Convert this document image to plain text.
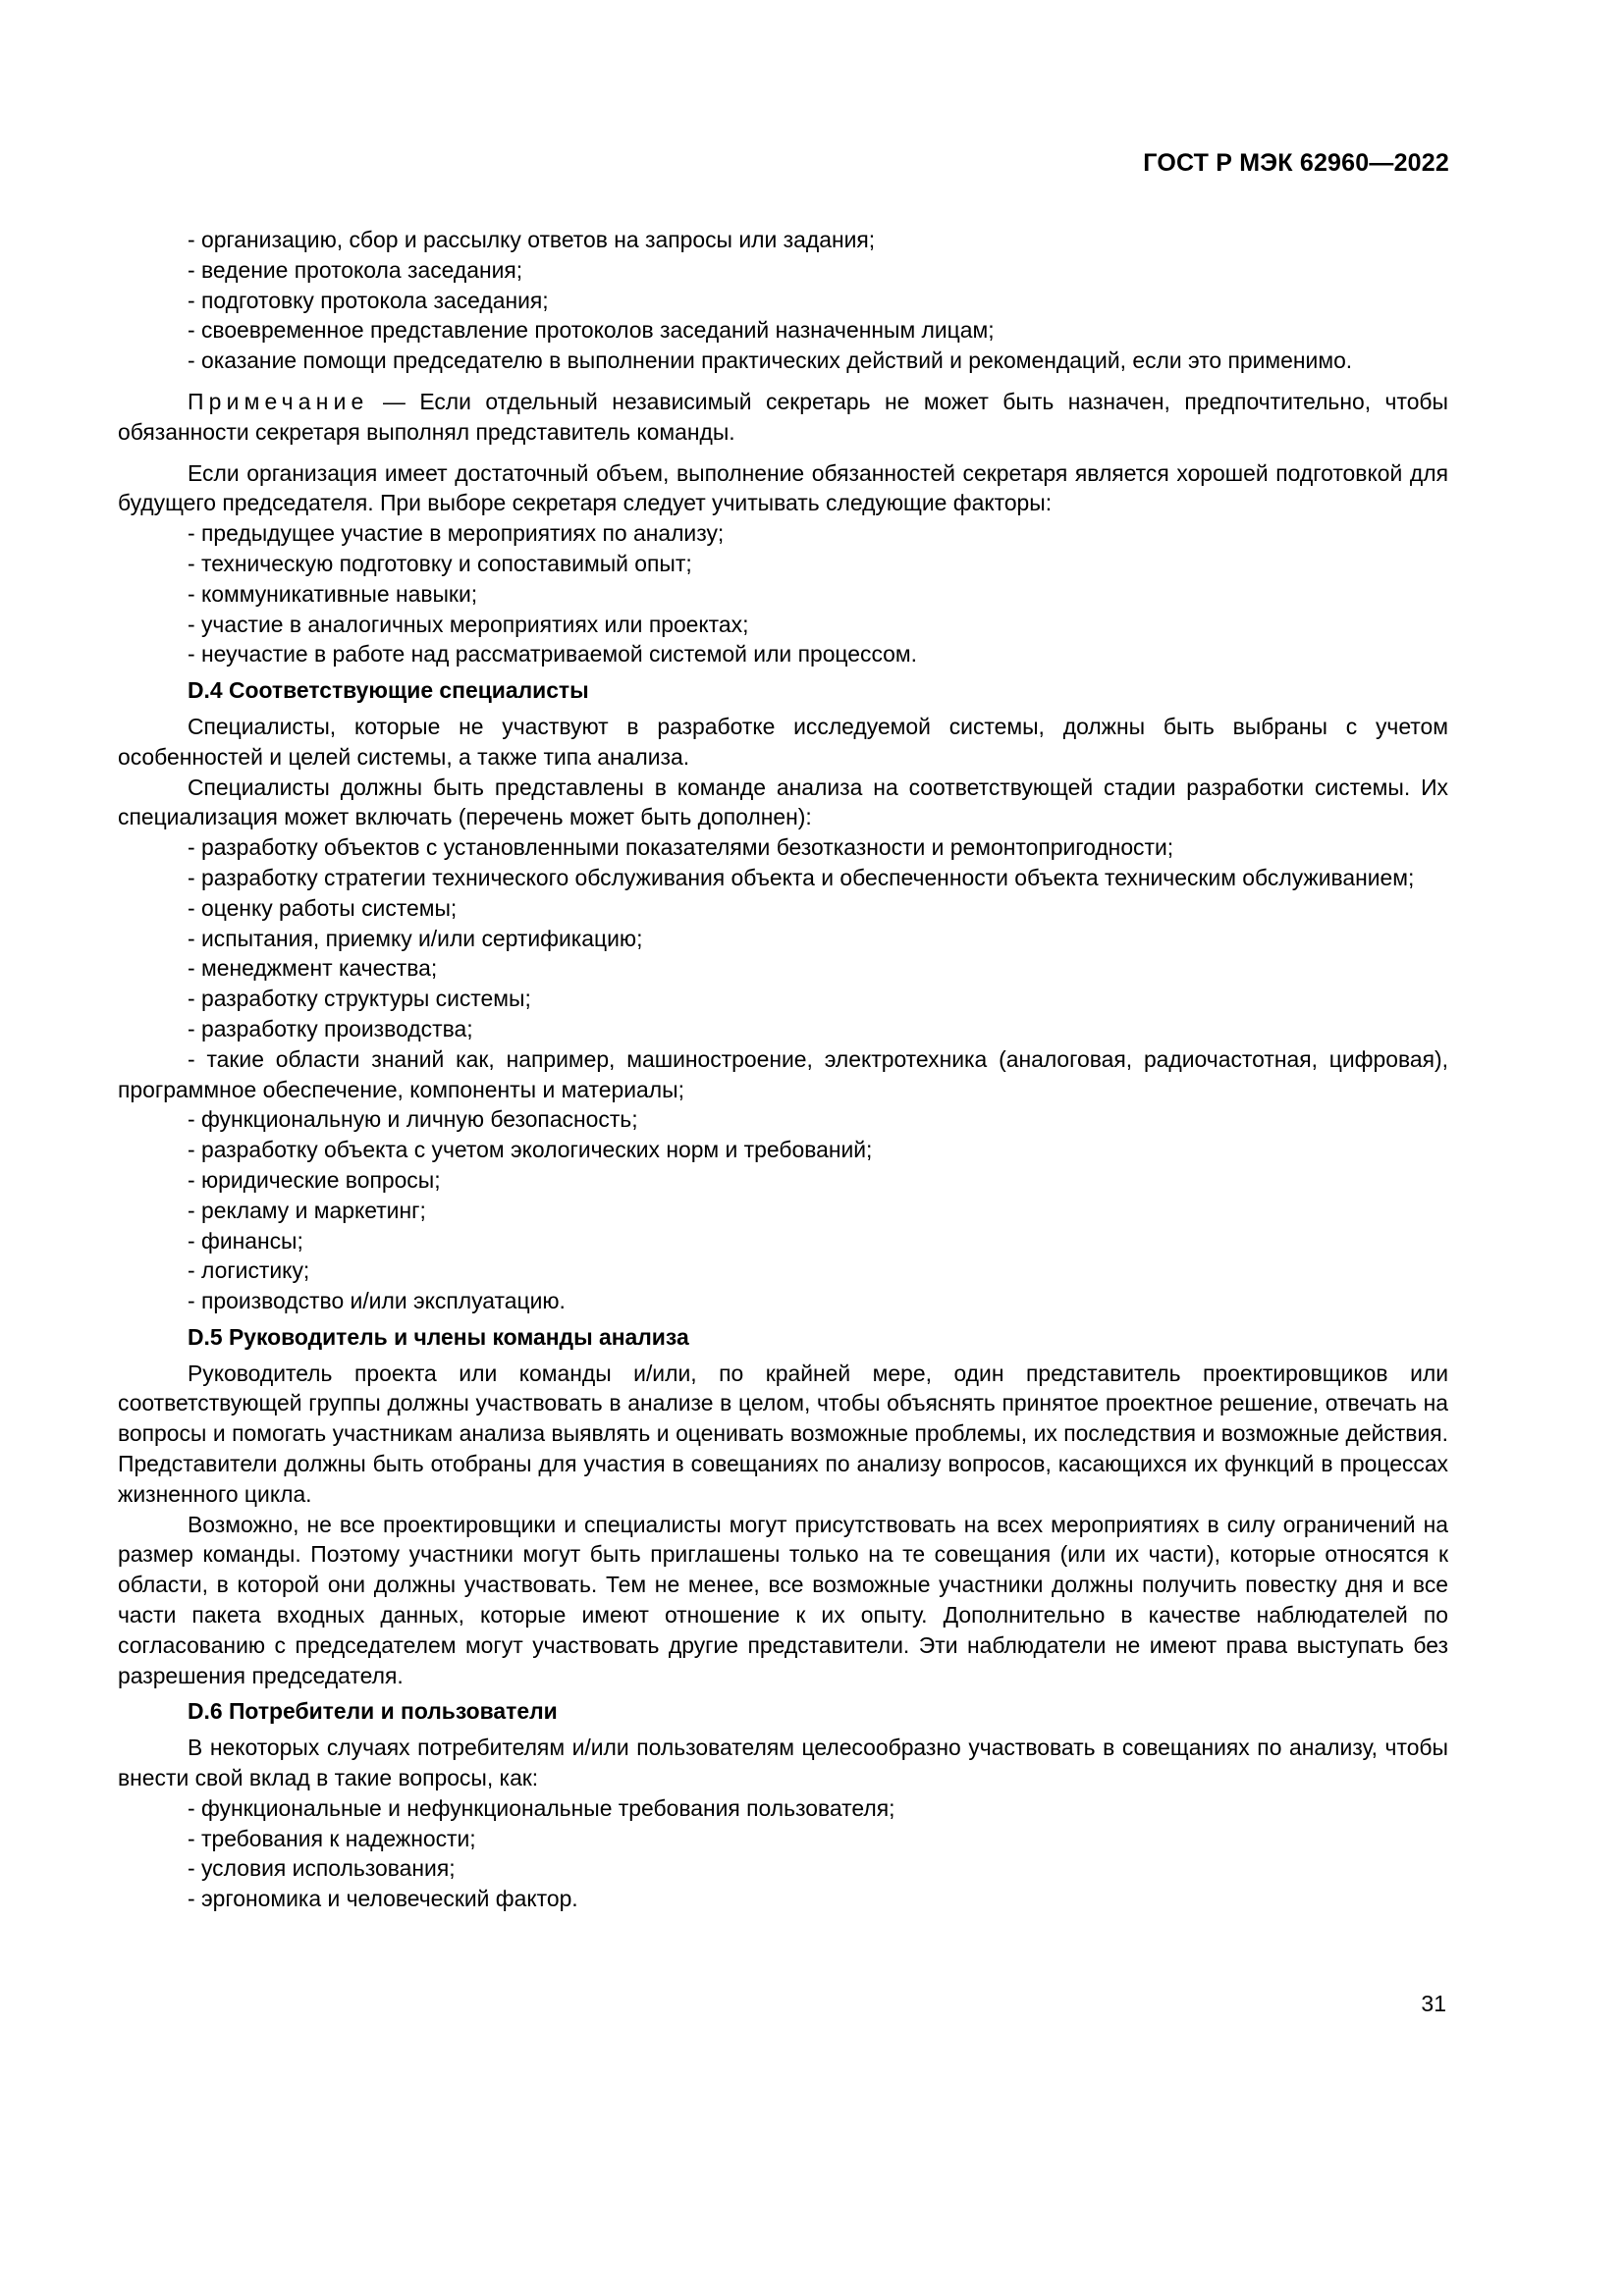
ГОСТ Р МЭК 62960—2022

- организацию, сбор и рассылку ответов на запросы или задания;

- ведение протокола заседания;

- подготовку протокола заседания;

- своевременное представление протоколов заседаний назначенным лицам;

- оказание помощи председателю в выполнении практических действий и рекомендаций, если это применимо.

Примечание — Если отдельный независимый секретарь не может быть назначен, предпочтительно, чтобы обязанности секретаря выполнял представитель команды.

Если организация имеет достаточный объем, выполнение обязанностей секретаря является хорошей подготовкой для будущего председателя. При выборе секретаря следует учитывать следующие факторы:

- предыдущее участие в мероприятиях по анализу;

- техническую подготовку и сопоставимый опыт;

- коммуникативные навыки;

- участие в аналогичных мероприятиях или проектах;

- неучастие в работе над рассматриваемой системой или процессом.

D.4 Соответствующие специалисты

Специалисты, которые не участвуют в разработке исследуемой системы, должны быть выбраны с учетом особенностей и целей системы, а также типа анализа.

Специалисты должны быть представлены в команде анализа на соответствующей стадии разработки системы. Их специализация может включать (перечень может быть дополнен):

- разработку объектов с установленными показателями безотказности и ремонтопригодности;

- разработку стратегии технического обслуживания объекта и обеспеченности объекта техническим обслуживанием;

- оценку работы системы;

- испытания, приемку и/или сертификацию;

- менеджмент качества;

- разработку структуры системы;

- разработку производства;

- такие области знаний как, например, машиностроение, электротехника (аналоговая, радиочастотная, цифровая), программное обеспечение, компоненты и материалы;

- функциональную и личную безопасность;

- разработку объекта с учетом экологических норм и требований;

- юридические вопросы;

- рекламу и маркетинг;

- финансы;

- логистику;

- производство и/или эксплуатацию.

D.5 Руководитель и члены команды анализа

Руководитель проекта или команды и/или, по крайней мере, один представитель проектировщиков или соответствующей группы должны участвовать в анализе в целом, чтобы объяснять принятое проектное решение, отвечать на вопросы и помогать участникам анализа выявлять и оценивать возможные проблемы, их последствия и возможные действия. Представители должны быть отобраны для участия в совещаниях по анализу вопросов, касающихся их функций в процессах жизненного цикла.

Возможно, не все проектировщики и специалисты могут присутствовать на всех мероприятиях в силу ограничений на размер команды. Поэтому участники могут быть приглашены только на те совещания (или их части), которые относятся к области, в которой они должны участвовать. Тем не менее, все возможные участники должны получить повестку дня и все части пакета входных данных, которые имеют отношение к их опыту. Дополнительно в качестве наблюдателей по согласованию с председателем могут участвовать другие представители. Эти наблюдатели не имеют права выступать без разрешения председателя.

D.6 Потребители и пользователи

В некоторых случаях потребителям и/или пользователям целесообразно участвовать в совещаниях по анализу, чтобы внести свой вклад в такие вопросы, как:

- функциональные и нефункциональные требования пользователя;

- требования к надежности;

- условия использования;

- эргономика и человеческий фактор.

31
